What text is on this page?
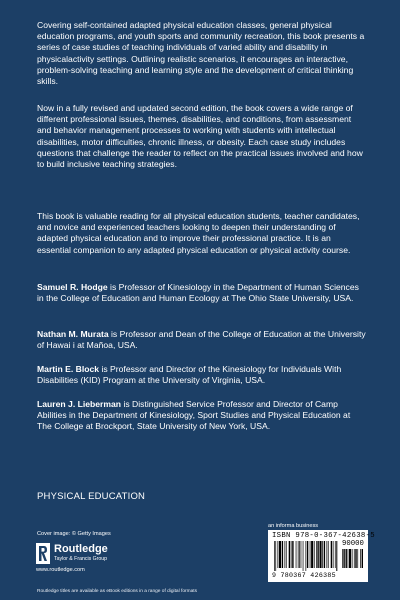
Covering self-contained adapted physical education classes, general physical education programs, and youth sports and community recreation, this book presents a series of case studies of teaching individuals of varied ability and disability in physicalactivity settings. Outlining realistic scenarios, it encourages an interactive, problem-solving teaching and learning style and the development of critical thinking skills.

Now in a fully revised and updated second edition, the book covers a wide range of different professional issues, themes, disabilities, and conditions, from assessment and behavior management processes to working with students with intellectual disabilities, motor difficulties, chronic illness, or obesity. Each case study includes questions that challenge the reader to reflect on the practical issues involved and how to build inclusive teaching strategies.

This book is valuable reading for all physical education students, teacher candidates, and novice and experienced teachers looking to deepen their understanding of adapted physical education and to improve their professional practice. It is an essential companion to any adapted physical education or physical activity course.

Samuel R. Hodge is Professor of Kinesiology in the Department of Human Sciences in the College of Education and Human Ecology at The Ohio State University, USA.

Nathan M. Murata is Professor and Dean of the College of Education at the University of Hawai i at Mañoa, USA.

Martin E. Block is Professor and Director of the Kinesiology for Individuals With Disabilities (KID) Program at the University of Virginia, USA.

Lauren J. Lieberman is Distinguished Service Professor and Director of Camp Abilities in the Department of Kinesiology, Sport Studies and Physical Education at The College at Brockport, State University of New York, USA.

PHYSICAL EDUCATION
Cover image: © Getty Images
an informa business
Routledge
Taylor & Francis Group
www.routledge.com
ISBN 978-0-367-42638-5
90000
9 780367 426385
Routledge titles are available as eBook editions in a range of digital formats
